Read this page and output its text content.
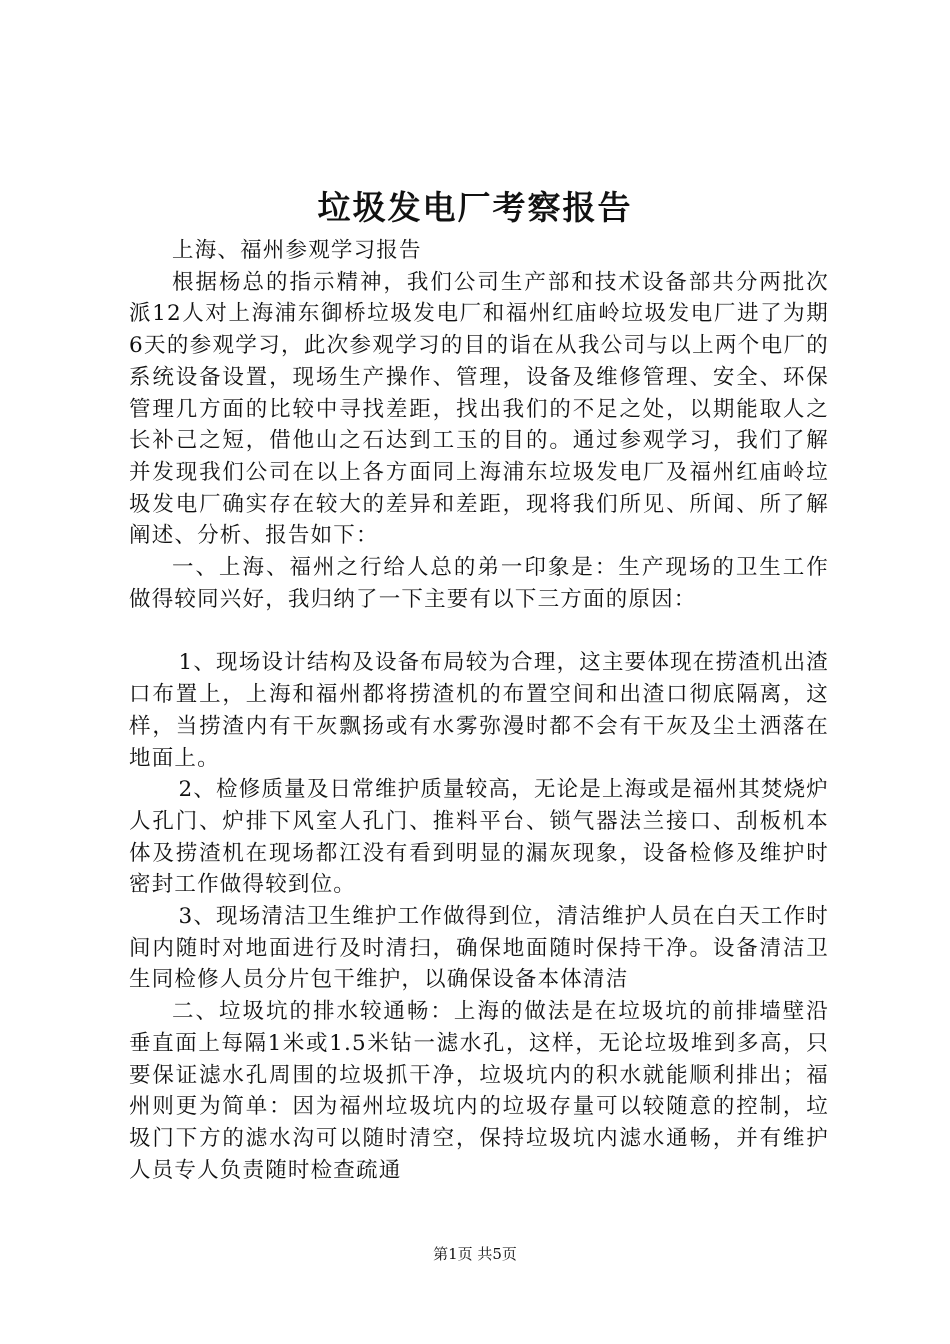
垃圾发电厂考察报告

上海、福州参观学习报告

根据杨总的指示精神，我们公司生产部和技术设备部共分两批次派12人对上海浦东御桥垃圾发电厂和福州红庙岭垃圾发电厂进了为期6天的参观学习，此次参观学习的目的诣在从我公司与以上两个电厂的系统设备设置，现场生产操作、管理，设备及维修管理、安全、环保管理几方面的比较中寻找差距，找出我们的不足之处，以期能取人之长补己之短，借他山之石达到工玉的目的。通过参观学习，我们了解并发现我们公司在以上各方面同上海浦东垃圾发电厂及福州红庙岭垃圾发电厂确实存在较大的差异和差距，现将我们所见、所闻、所了解阐述、分析、报告如下：

一、上海、福州之行给人总的弟一印象是：生产现场的卫生工作做得较同兴好，我归纳了一下主要有以下三方面的原因：

1、现场设计结构及设备布局较为合理，这主要体现在捞渣机出渣口布置上，上海和福州都将捞渣机的布置空间和出渣口彻底隔离，这样，当捞渣内有干灰飘扬或有水雾弥漫时都不会有干灰及尘土洒落在地面上。

2、检修质量及日常维护质量较高，无论是上海或是福州其焚烧炉人孔门、炉排下风室人孔门、推料平台、锁气器法兰接口、刮板机本体及捞渣机在现场都江没有看到明显的漏灰现象，设备检修及维护时密封工作做得较到位。

3、现场清洁卫生维护工作做得到位，清洁维护人员在白天工作时间内随时对地面进行及时清扫，确保地面随时保持干净。设备清洁卫生同检修人员分片包干维护，以确保设备本体清洁

二、垃圾坑的排水较通畅：上海的做法是在垃圾坑的前排墙壁沿垂直面上每隔1米或1.5米钻一滤水孔，这样，无论垃圾堆到多高，只要保证滤水孔周围的垃圾抓干净，垃圾坑内的积水就能顺利排出；福州则更为简单：因为福州垃圾坑内的垃圾存量可以较随意的控制，垃圾门下方的滤水沟可以随时清空，保持垃圾坑内滤水通畅，并有维护人员专人负责随时检查疏通

第1页 共5页
